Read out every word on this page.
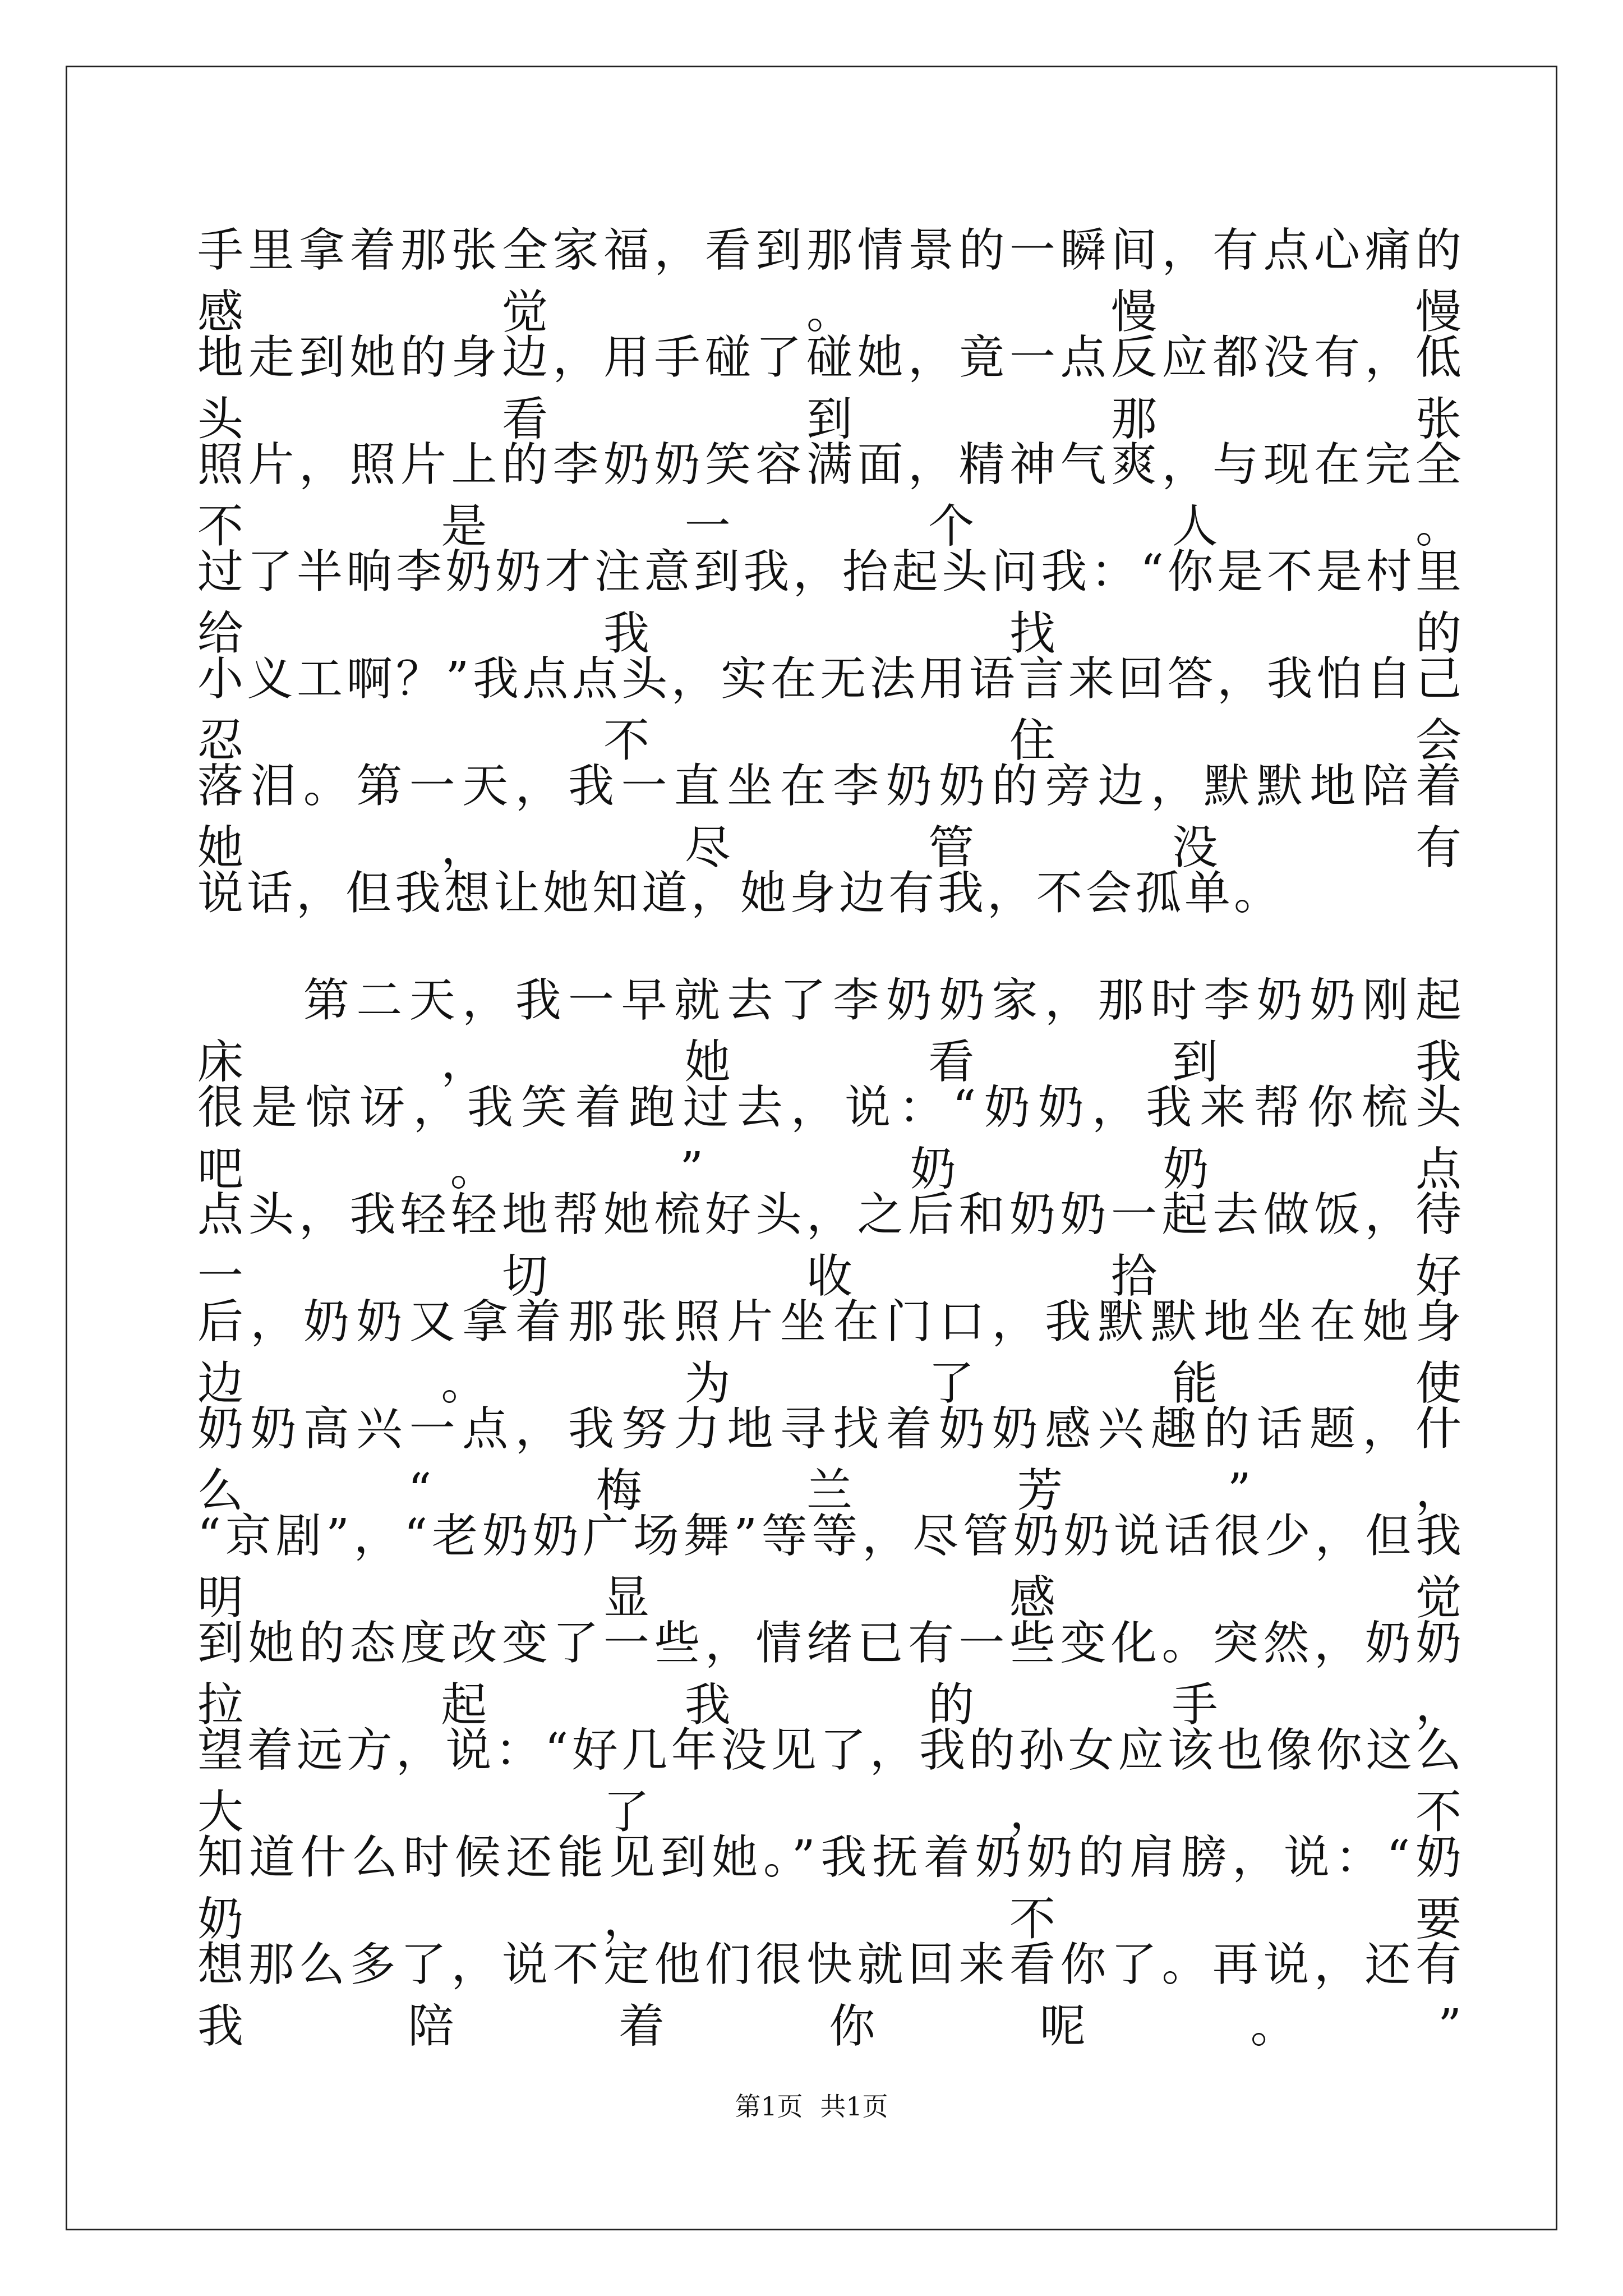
手里拿着那张全家福，看到那情景的一瞬间，有点心痛的感觉。慢慢
地走到她的身边，用手碰了碰她，竟一点反应都没有，低头看到那张
照片，照片上的李奶奶笑容满面，精神气爽，与现在完全不是一个人。
过了半晌李奶奶才注意到我，抬起头问我：“你是不是村里给我找的
小义工啊？”我点点头，实在无法用语言来回答，我怕自己忍不住会
落泪。第一天，我一直坐在李奶奶的旁边，默默地陪着她，尽管没有
说话，但我想让她知道，她身边有我，不会孤单。
　　第二天，我一早就去了李奶奶家，那时李奶奶刚起床，她看到我
很是惊讶，我笑着跑过去，说：“奶奶，我来帮你梳头吧。”奶奶点
点头，我轻轻地帮她梳好头，之后和奶奶一起去做饭，待一切收拾好
后，奶奶又拿着那张照片坐在门口，我默默地坐在她身边。为了能使
奶奶高兴一点，我努力地寻找着奶奶感兴趣的话题，什么“梅兰芳”，
“京剧”，“老奶奶广场舞”等等，尽管奶奶说话很少，但我明显感觉
到她的态度改变了一些，情绪已有一些变化。突然，奶奶拉起我的手，
望着远方，说：“好几年没见了，我的孙女应该也像你这么大了，不
知道什么时候还能见到她。”我抚着奶奶的肩膀，说：“奶奶，不要
想那么多了，说不定他们很快就回来看你了。再说，还有我陪着你呢。”
第1页 共1页
